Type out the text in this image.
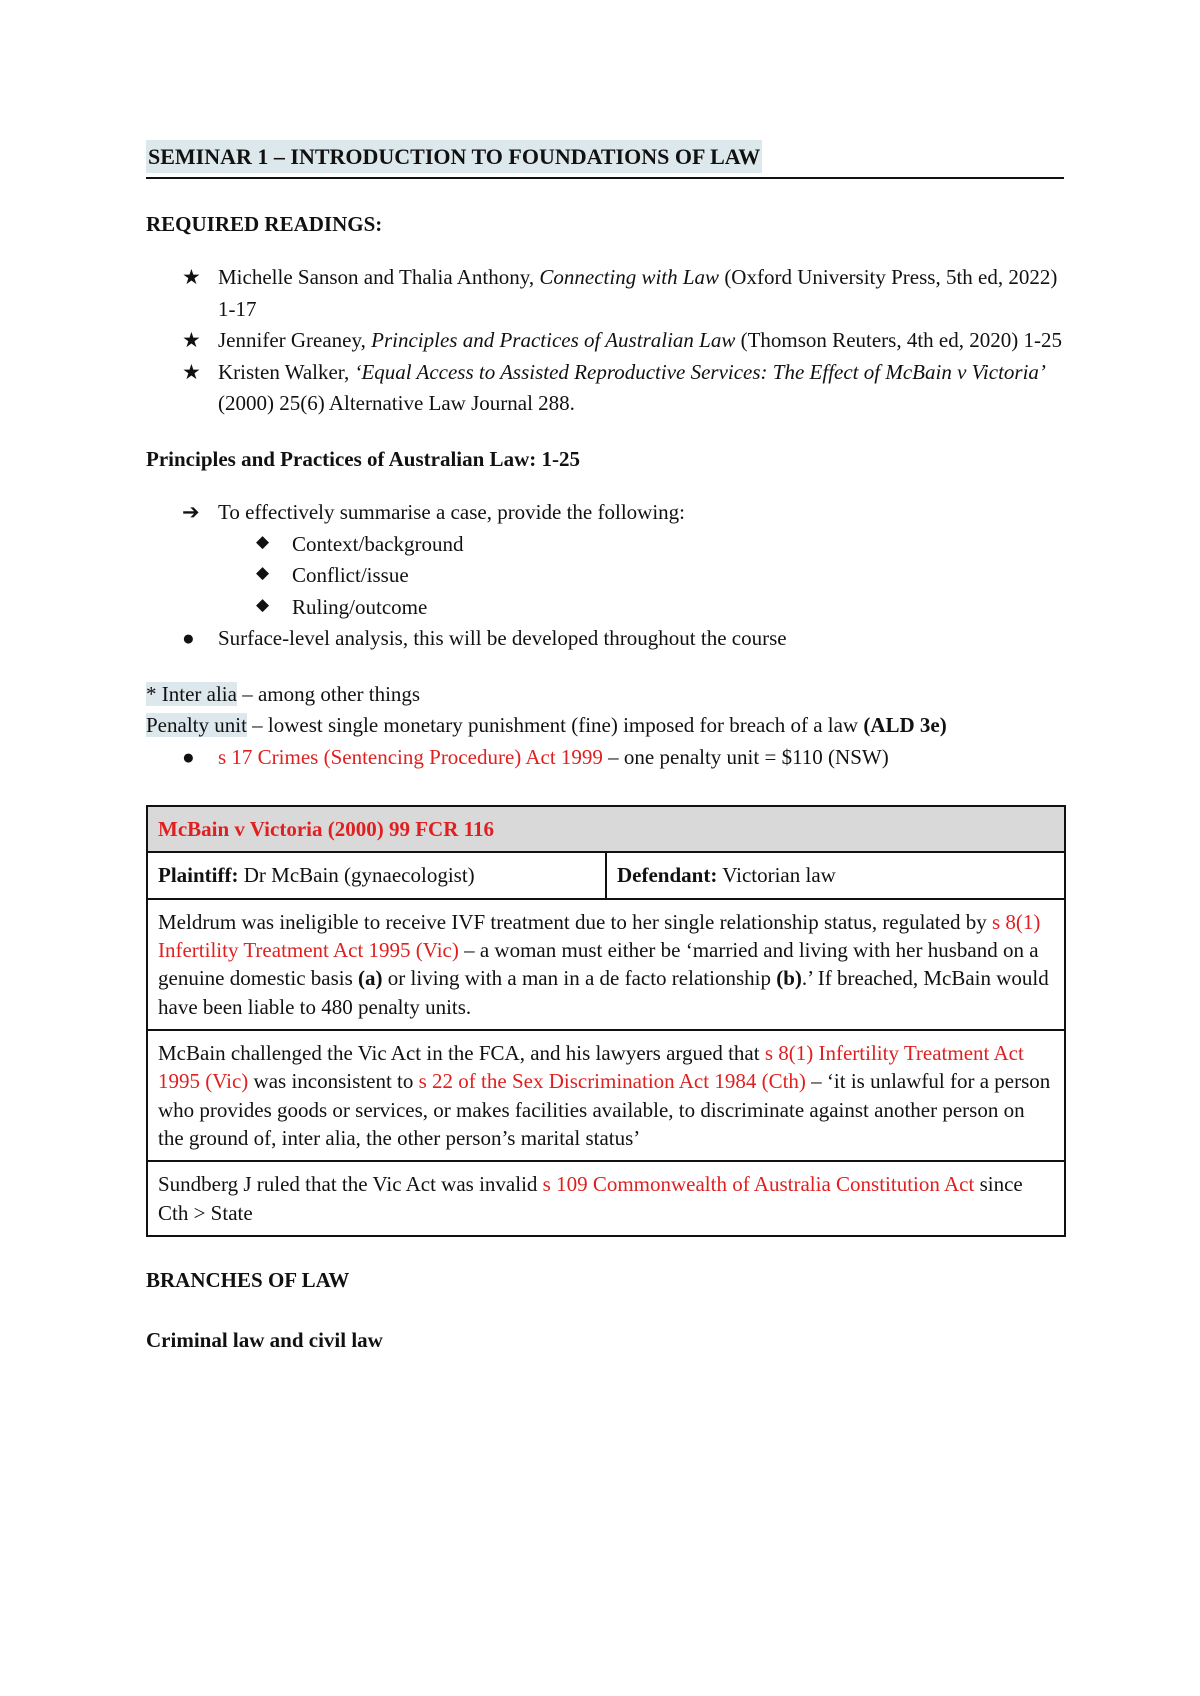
SEMINAR 1 – INTRODUCTION TO FOUNDATIONS OF LAW

REQUIRED READINGS:

★ Michelle Sanson and Thalia Anthony, Connecting with Law (Oxford University Press, 5th ed, 2022) 1-17
★ Jennifer Greaney, Principles and Practices of Australian Law (Thomson Reuters, 4th ed, 2020) 1-25
★ Kristen Walker, ‘Equal Access to Assisted Reproductive Services: The Effect of McBain v Victoria’ (2000) 25(6) Alternative Law Journal 288.

Principles and Practices of Australian Law: 1-25

➔ To effectively summarise a case, provide the following:
◆ Context/background
◆ Conflict/issue
◆ Ruling/outcome
● Surface-level analysis, this will be developed throughout the course

* Inter alia – among other things

Penalty unit – lowest single monetary punishment (fine) imposed for breach of a law (ALD 3e)

● s 17 Crimes (Sentencing Procedure) Act 1999 – one penalty unit = $110 (NSW)
McBain v Victoria (2000) 99 FCR 116
Plaintiff: Dr McBain (gynaecologist)	Defendant: Victorian law
Meldrum was ineligible to receive IVF treatment due to her single relationship status, regulated by s 8(1) Infertility Treatment Act 1995 (Vic) – a woman must either be ‘married and living with her husband on a genuine domestic basis (a) or living with a man in a de facto relationship (b).’ If breached, McBain would have been liable to 480 penalty units.
McBain challenged the Vic Act in the FCA, and his lawyers argued that s 8(1) Infertility Treatment Act 1995 (Vic) was inconsistent to s 22 of the Sex Discrimination Act 1984 (Cth) – ‘it is unlawful for a person who provides goods or services, or makes facilities available, to discriminate against another person on the ground of, inter alia, the other person’s marital status’
Sundberg J ruled that the Vic Act was invalid s 109 Commonwealth of Australia Constitution Act since Cth > State

BRANCHES OF LAW

Criminal law and civil law
